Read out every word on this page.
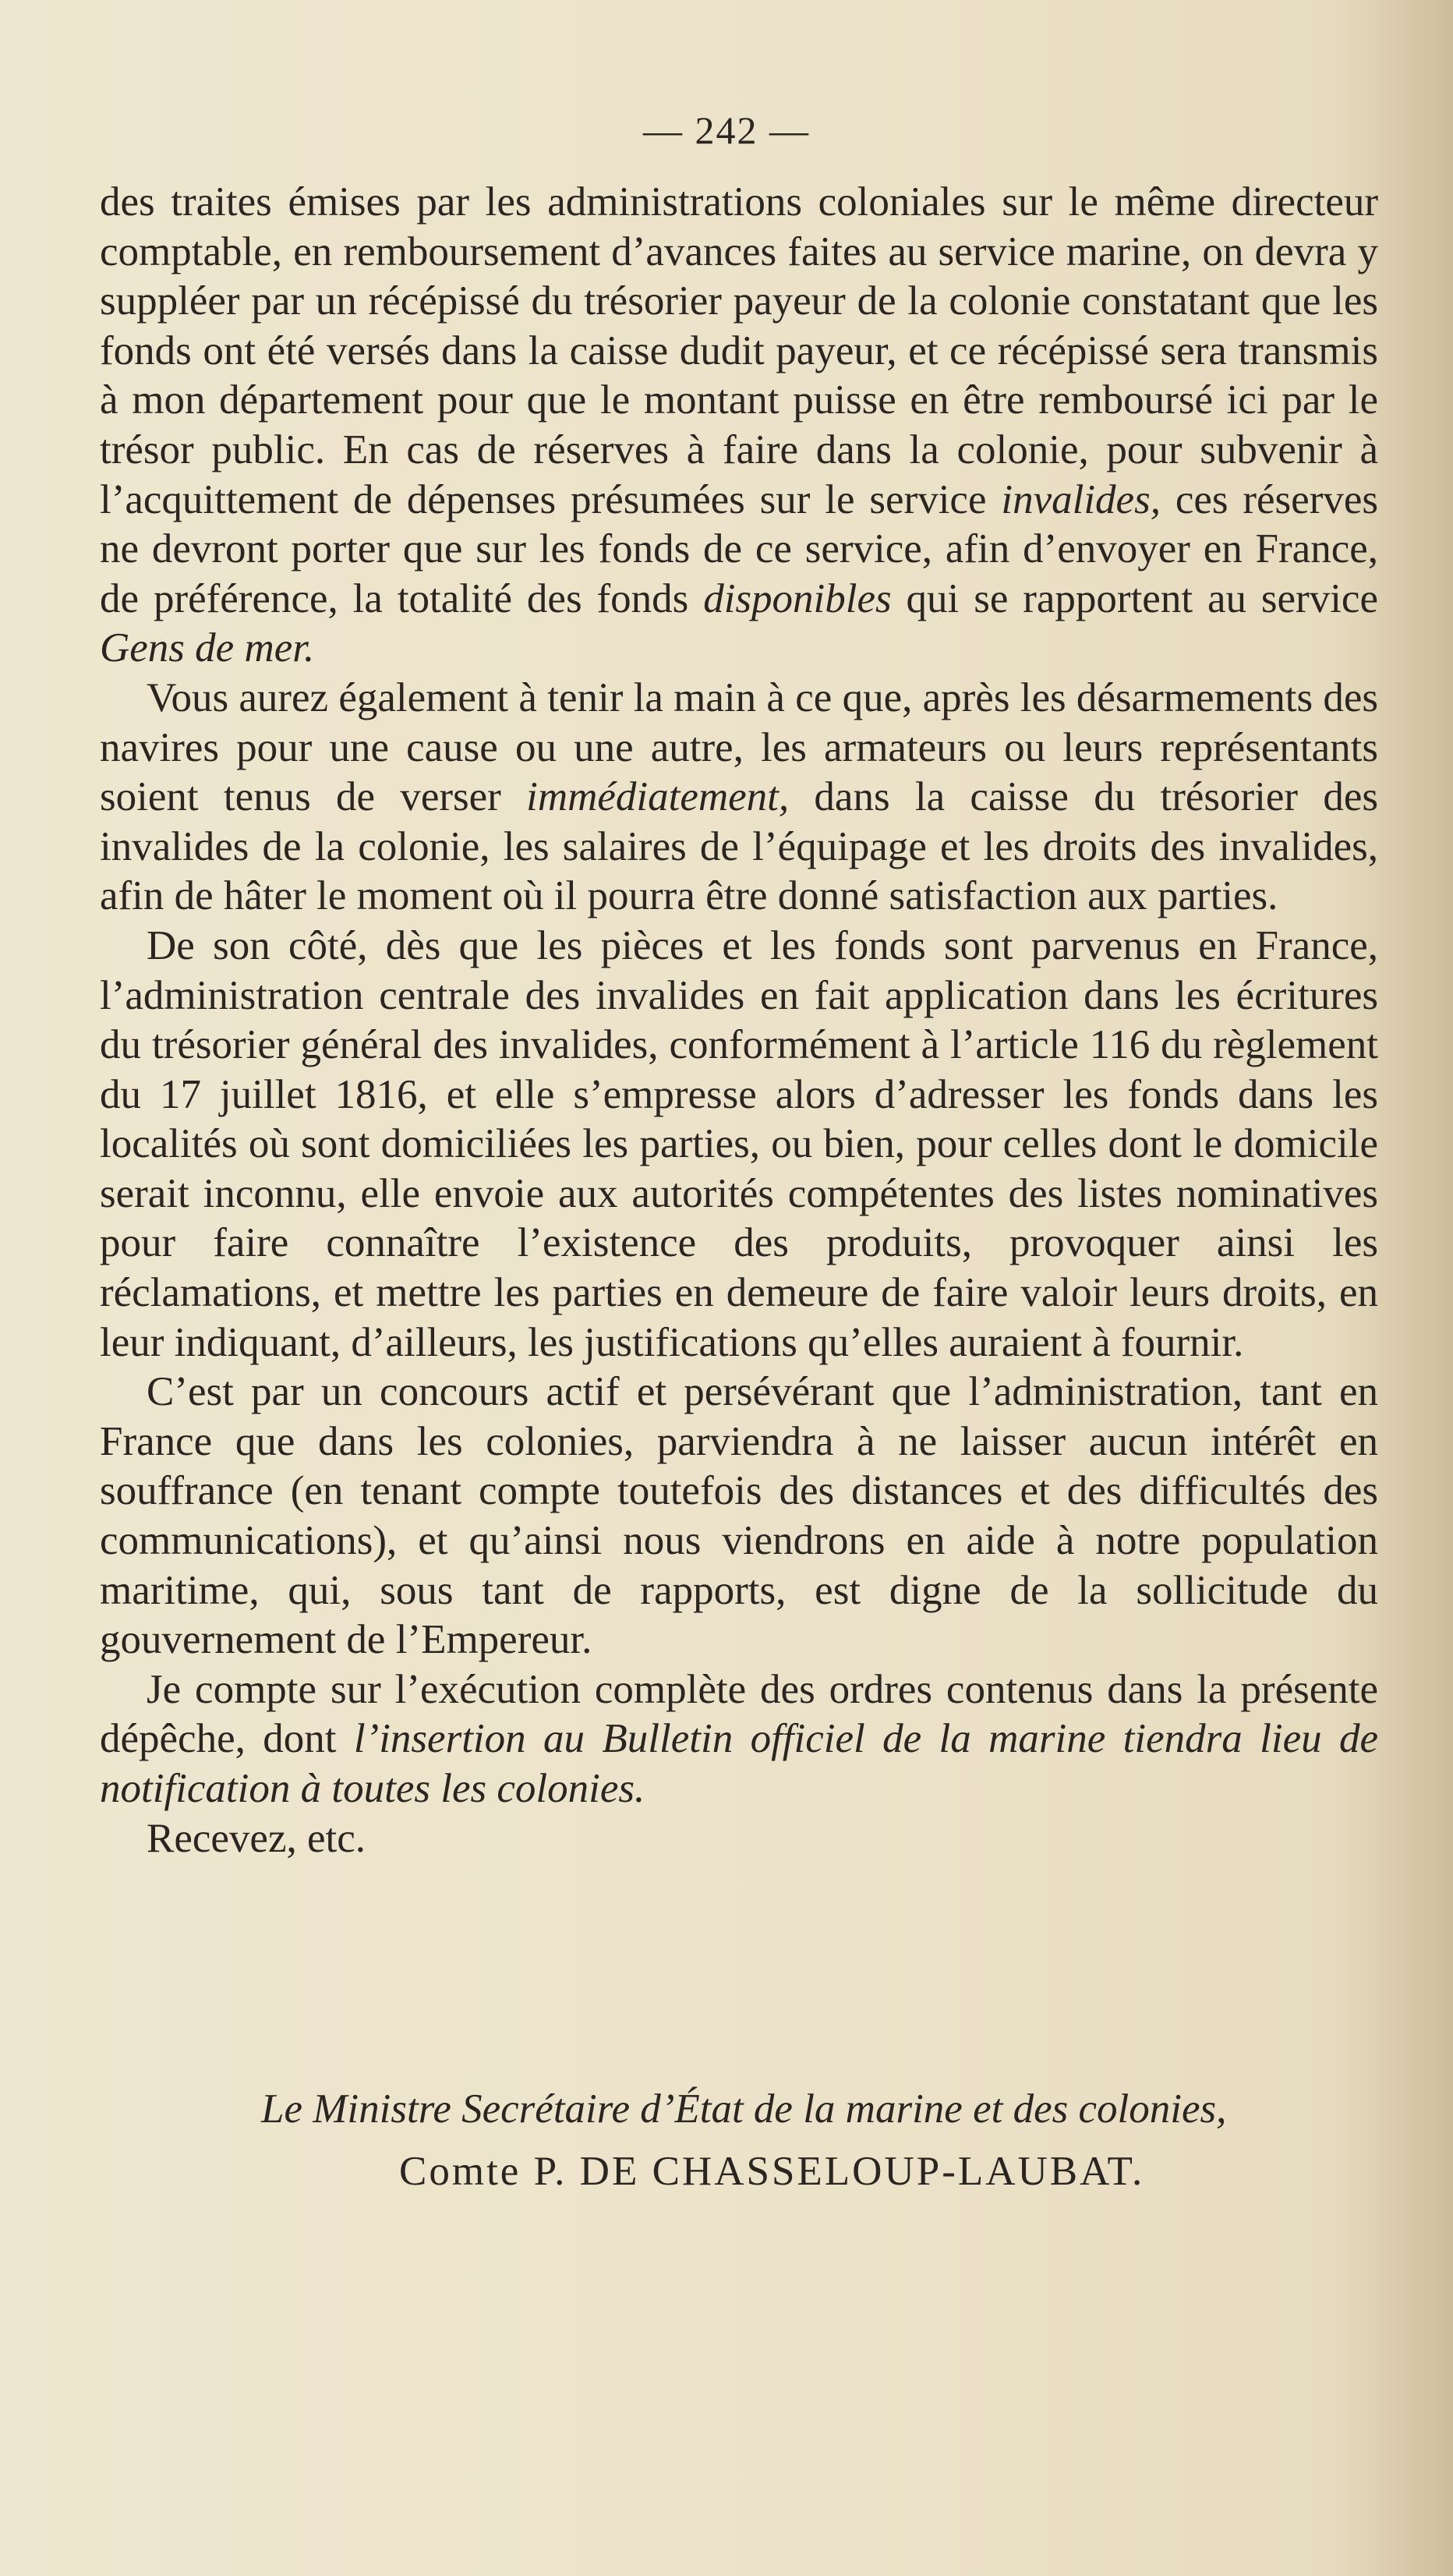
— 242 —

des traites émises par les administrations coloniales sur le même directeur comptable, en remboursement d’avances faites au service marine, on devra y suppléer par un récépissé du trésorier payeur de la colonie constatant que les fonds ont été versés dans la caisse dudit payeur, et ce récépissé sera transmis à mon département pour que le montant puisse en être remboursé ici par le trésor public. En cas de réserves à faire dans la colonie, pour subvenir à l’acquittement de dépenses présumées sur le service invalides, ces réserves ne devront porter que sur les fonds de ce service, afin d’envoyer en France, de préférence, la totalité des fonds disponibles qui se rapportent au service Gens de mer.

Vous aurez également à tenir la main à ce que, après les désarmements des navires pour une cause ou une autre, les armateurs ou leurs représentants soient tenus de verser immédiatement, dans la caisse du trésorier des invalides de la colonie, les salaires de l’équipage et les droits des invalides, afin de hâter le moment où il pourra être donné satisfaction aux parties.

De son côté, dès que les pièces et les fonds sont parvenus en France, l’administration centrale des invalides en fait application dans les écritures du trésorier général des invalides, conformément à l’article 116 du règlement du 17 juillet 1816, et elle s’empresse alors d’adresser les fonds dans les localités où sont domiciliées les parties, ou bien, pour celles dont le domicile serait inconnu, elle envoie aux autorités compétentes des listes nominatives pour faire connaître l’existence des produits, provoquer ainsi les réclamations, et mettre les parties en demeure de faire valoir leurs droits, en leur indiquant, d’ailleurs, les justifications qu’elles auraient à fournir.

C’est par un concours actif et persévérant que l’administration, tant en France que dans les colonies, parviendra à ne laisser aucun intérêt en souffrance (en tenant compte toutefois des distances et des difficultés des communications), et qu’ainsi nous viendrons en aide à notre population maritime, qui, sous tant de rapports, est digne de la sollicitude du gouvernement de l’Empereur.

Je compte sur l’exécution complète des ordres contenus dans la présente dépêche, dont l’insertion au Bulletin officiel de la marine tiendra lieu de notification à toutes les colonies.

Recevez, etc.

Le Ministre Secrétaire d’État de la marine et des colonies,
Comte P. DE CHASSELOUP-LAUBAT.
